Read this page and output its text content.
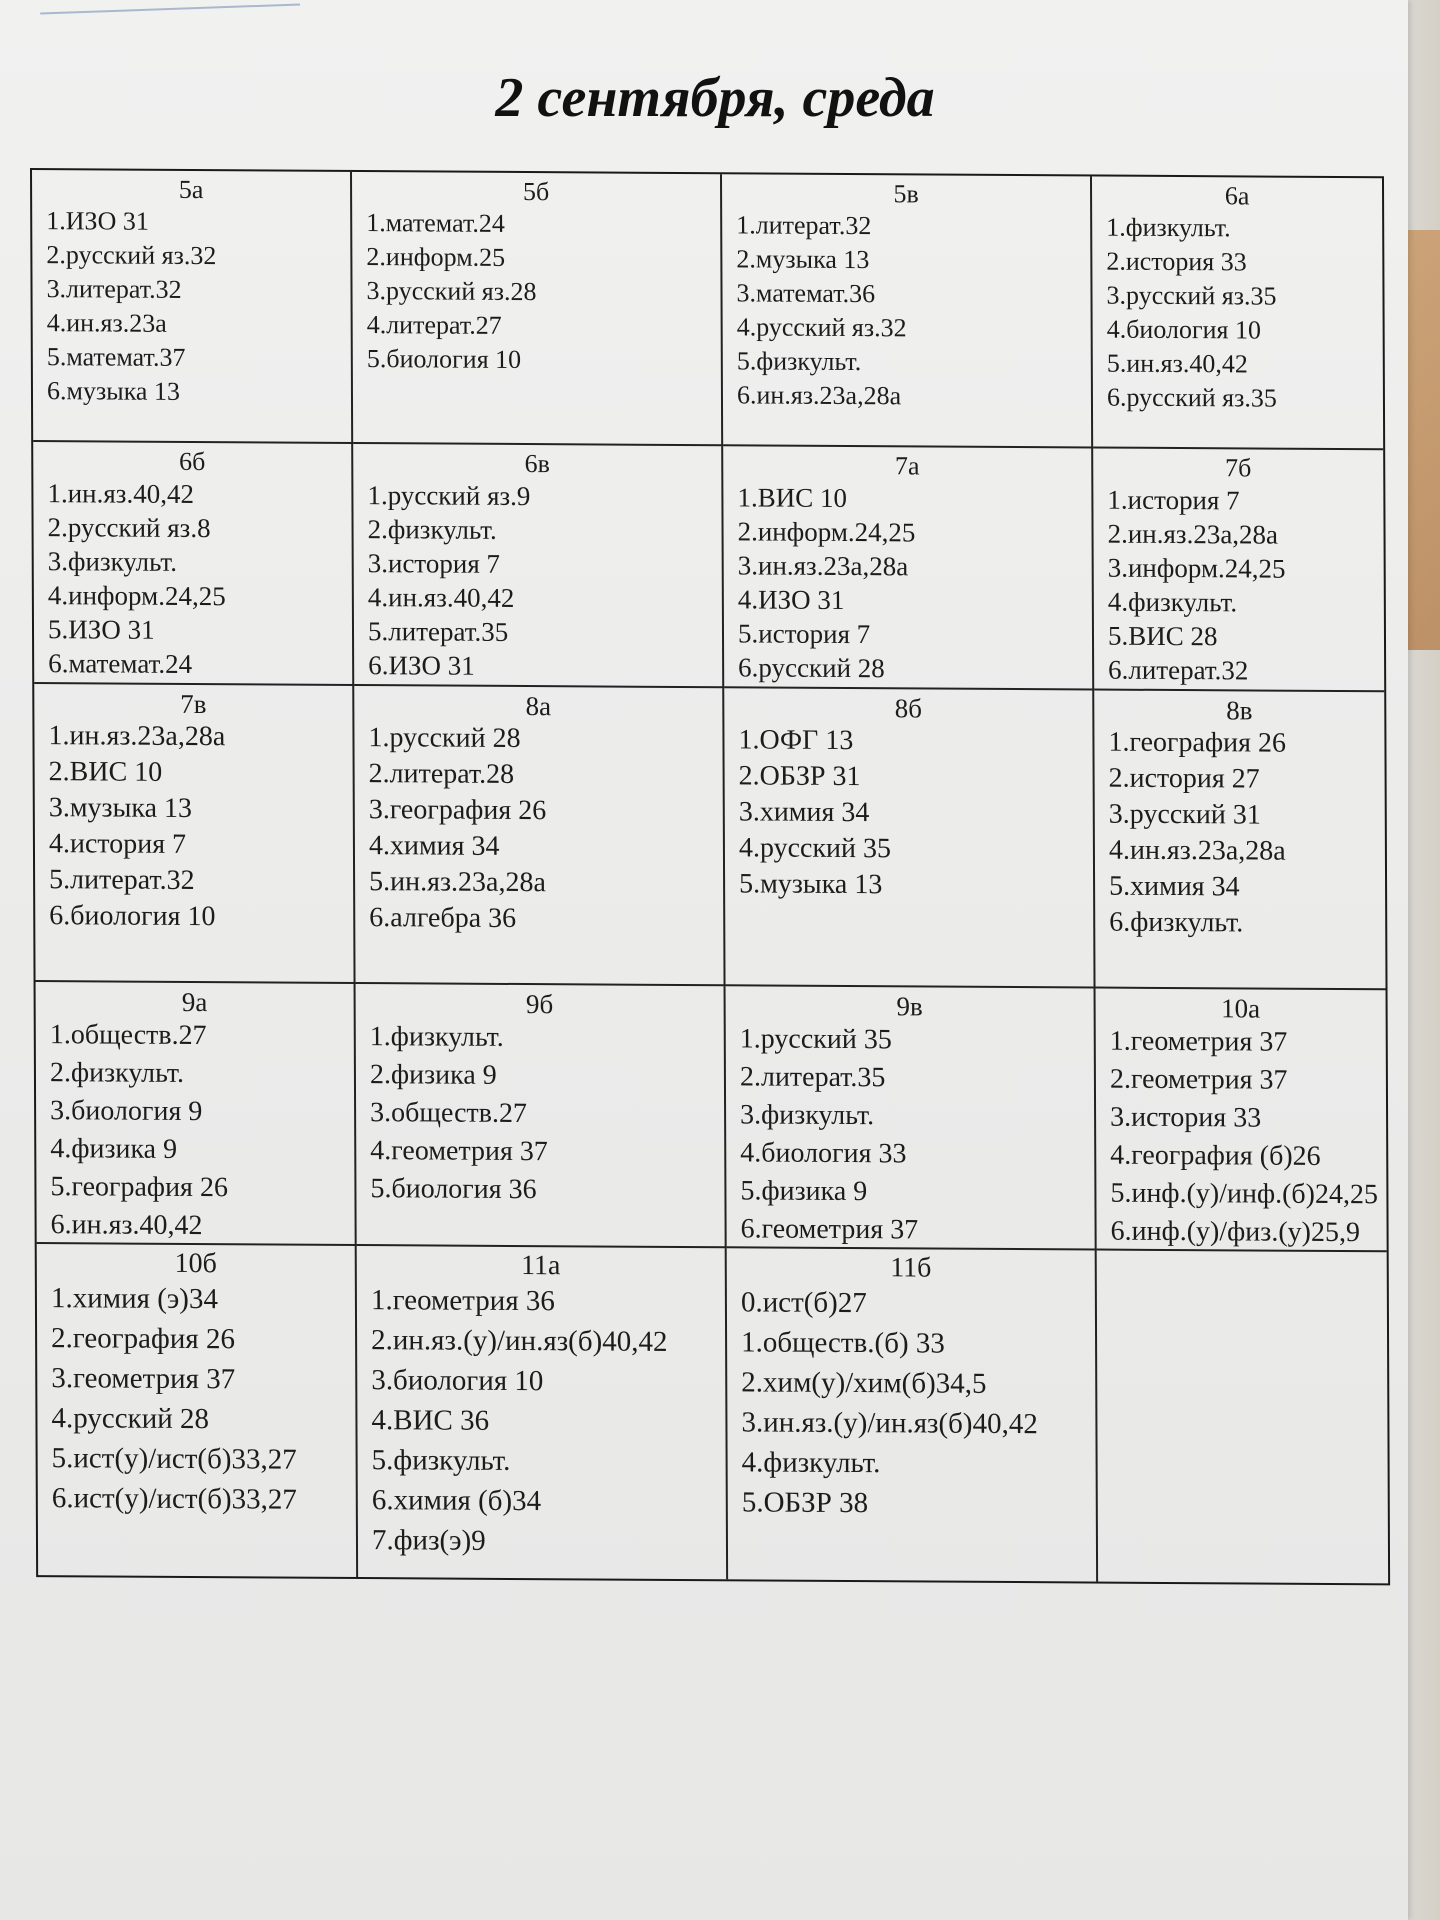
2 сентября, среда
5а
1.ИЗО 31
2.русский яз.32
3.литерат.32
4.ин.яз.23а
5.математ.37
6.музыка 13
5б
1.математ.24
2.информ.25
3.русский яз.28
4.литерат.27
5.биология 10
5в
1.литерат.32
2.музыка 13
3.математ.36
4.русский яз.32
5.физкульт.
6.ин.яз.23а,28а
6а
1.физкульт.
2.история 33
3.русский яз.35
4.биология 10
5.ин.яз.40,42
6.русский яз.35
6б
1.ин.яз.40,42
2.русский яз.8
3.физкульт.
4.информ.24,25
5.ИЗО 31
6.математ.24
6в
1.русский яз.9
2.физкульт.
3.история 7
4.ин.яз.40,42
5.литерат.35
6.ИЗО 31
7а
1.ВИС 10
2.информ.24,25
3.ин.яз.23а,28а
4.ИЗО 31
5.история 7
6.русский 28
7б
1.история 7
2.ин.яз.23а,28а
3.информ.24,25
4.физкульт.
5.ВИС 28
6.литерат.32
7в
1.ин.яз.23а,28а
2.ВИС 10
3.музыка 13
4.история 7
5.литерат.32
6.биология 10
8а
1.русский 28
2.литерат.28
3.география 26
4.химия 34
5.ин.яз.23а,28а
6.алгебра 36
8б
1.ОФГ 13
2.ОБЗР 31
3.химия 34
4.русский 35
5.музыка 13
8в
1.география 26
2.история 27
3.русский 31
4.ин.яз.23а,28а
5.химия 34
6.физкульт.
9а
1.обществ.27
2.физкульт.
3.биология 9
4.физика 9
5.география 26
6.ин.яз.40,42
9б
1.физкульт.
2.физика 9
3.обществ.27
4.геометрия 37
5.биология 36
9в
1.русский 35
2.литерат.35
3.физкульт.
4.биология 33
5.физика 9
6.геометрия 37
10а
1.геометрия 37
2.геометрия 37
3.история 33
4.география (б)26
5.инф.(у)/инф.(б)24,25
6.инф.(у)/физ.(у)25,9
10б
1.химия (э)34
2.география 26
3.геометрия 37
4.русский 28
5.ист(у)/ист(б)33,27
6.ист(у)/ист(б)33,27
11а
1.геометрия 36
2.ин.яз.(у)/ин.яз(б)40,42
3.биология 10
4.ВИС 36
5.физкульт.
6.химия (б)34
7.физ(э)9
11б
0.ист(б)27
1.обществ.(б) 33
2.хим(у)/хим(б)34,5
3.ин.яз.(у)/ин.яз(б)40,42
4.физкульт.
5.ОБЗР 38
